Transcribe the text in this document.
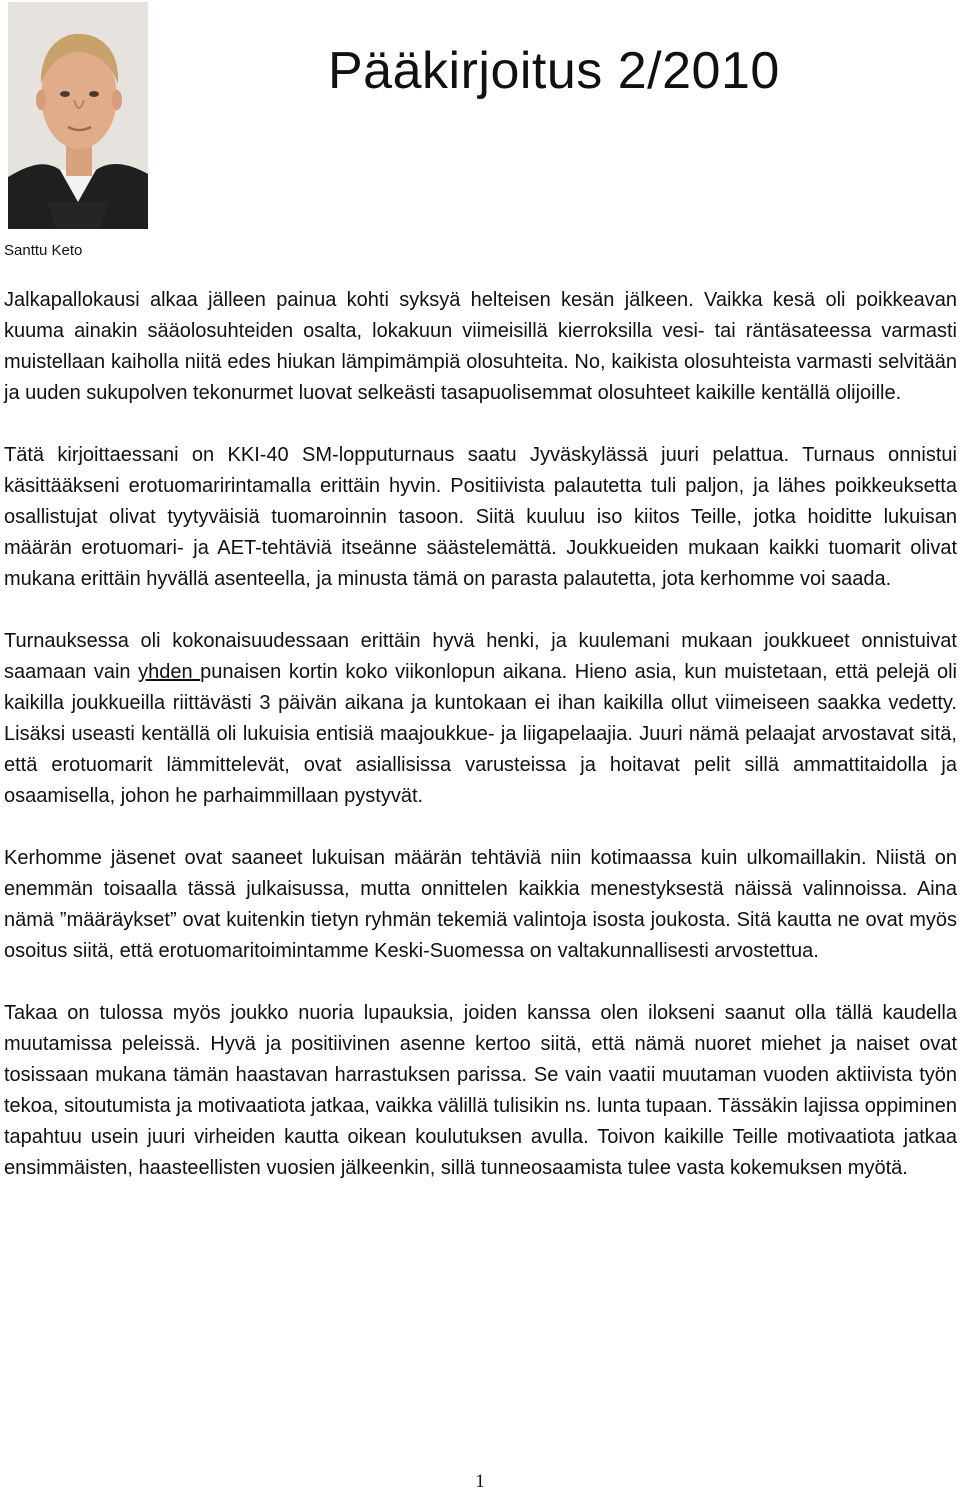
Santtu Keto
Pääkirjoitus 2/2010

Jalkapallokausi alkaa jälleen painua kohti syksyä helteisen kesän jälkeen. Vaikka kesä oli poikkeavan kuuma ainakin sääolosuhteiden osalta, lokakuun viimeisillä kierroksilla vesi- tai räntäsateessa varmasti muistellaan kaiholla niitä edes hiukan lämpimämpiä olosuhteita. No, kaikista olosuhteista varmasti selvitään ja uuden sukupolven tekonurmet luovat selkeästi tasapuolisemmat olosuhteet kaikille kentällä olijoille.

Tätä kirjoittaessani on KKI-40 SM-lopputurnaus saatu Jyväskylässä juuri pelattua. Turnaus onnistui käsittääkseni erotuomaririntamalla erittäin hyvin. Positiivista palautetta tuli paljon, ja lähes poikkeuksetta osallistujat olivat tyytyväisiä tuomaroinnin tasoon. Siitä kuuluu iso kiitos Teille, jotka hoiditte lukuisan määrän erotuomari- ja AET-tehtäviä itseänne säästelemättä. Joukkueiden mukaan kaikki tuomarit olivat mukana erittäin hyvällä asenteella, ja minusta tämä on parasta palautetta, jota kerhomme voi saada.

Turnauksessa oli kokonaisuudessaan erittäin hyvä henki, ja kuulemani mukaan joukkueet onnistuivat saamaan vain yhden punaisen kortin koko viikonlopun aikana. Hieno asia, kun muistetaan, että pelejä oli kaikilla joukkueilla riittävästi 3 päivän aikana ja kuntokaan ei ihan kaikilla ollut viimeiseen saakka vedetty. Lisäksi useasti kentällä oli lukuisia entisiä maajoukkue- ja liigapelaajia. Juuri nämä pelaajat arvostavat sitä, että erotuomarit lämmittelevät, ovat asiallisissa varusteissa ja hoitavat pelit sillä ammattitaidolla ja osaamisella, johon he parhaimmillaan pystyvät.

Kerhomme jäsenet ovat saaneet lukuisan määrän tehtäviä niin kotimaassa kuin ulkomaillakin. Niistä on enemmän toisaalla tässä julkaisussa, mutta onnittelen kaikkia menestyksestä näissä valinnoissa. Aina nämä ”määräykset” ovat kuitenkin tietyn ryhmän tekemiä valintoja isosta joukosta. Sitä kautta ne ovat myös osoitus siitä, että erotuomaritoimintamme Keski-Suomessa on valtakunnallisesti arvostettua.

Takaa on tulossa myös joukko nuoria lupauksia, joiden kanssa olen ilokseni saanut olla tällä kaudella muutamissa peleissä. Hyvä ja positiivinen asenne kertoo siitä, että nämä nuoret miehet ja naiset ovat tosissaan mukana tämän haastavan harrastuksen parissa. Se vain vaatii muutaman vuoden aktiivista työn tekoa, sitoutumista ja motivaatiota jatkaa, vaikka välillä tulisikin ns. lunta tupaan. Tässäkin lajissa oppiminen tapahtuu usein juuri virheiden kautta oikean koulutuksen avulla. Toivon kaikille Teille motivaatiota jatkaa ensimmäisten, haasteellisten vuosien jälkeenkin, sillä tunneosaamista tulee vasta kokemuksen myötä.

1
